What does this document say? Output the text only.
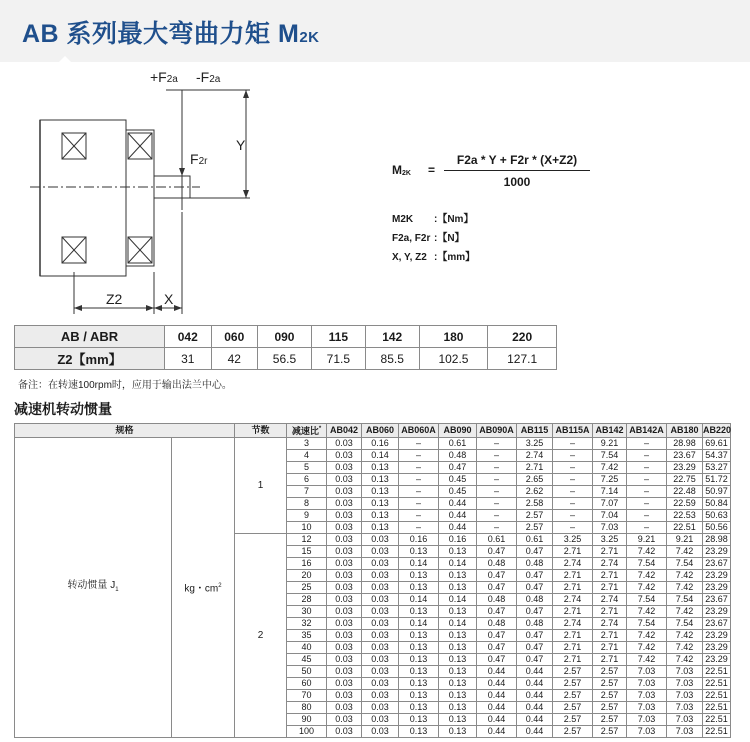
AB 系列最大弯曲力矩 M2K
+F2a -F2a
F2r
Y
Z2	X
$M_{2K}$ =
F2a * Y + F2r * (X+Z2)
1000
M2K :【Nm】
F2a, F2r :【N】
X, Y, Z2 :【mm】
AB / ABR	042	060	090	115	142	180	220
Z2【mm】	31	42	56.5	71.5	85.5	102.5	127.1
备注：在转速100rpm时，应用于输出法兰中心。
减速机转动惯量
规格		节数	减速比*	AB042	AB060	AB060A	AB090	AB090A	AB115	AB115A	AB142	AB142A	AB180	AB220
转动惯量 $J_1$	kg・$cm^2$	1	3	0.03	0.16	–	0.61	–	3.25	–	9.21	–	28.98	69.61
			4	0.03	0.14	–	0.48	–	2.74	–	7.54	–	23.67	54.37
			5	0.03	0.13	–	0.47	–	2.71	–	7.42	–	23.29	53.27
			6	0.03	0.13	–	0.45	–	2.65	–	7.25	–	22.75	51.72
			7	0.03	0.13	–	0.45	–	2.62	–	7.14	–	22.48	50.97
			8	0.03	0.13	–	0.44	–	2.58	–	7.07	–	22.59	50.84
			9	0.03	0.13	–	0.44	–	2.57	–	7.04	–	22.53	50.63
			10	0.03	0.13	–	0.44	–	2.57	–	7.03	–	22.51	50.56
		2	12	0.03	0.03	0.16	0.16	0.61	0.61	3.25	3.25	9.21	9.21	28.98
			15	0.03	0.03	0.13	0.13	0.47	0.47	2.71	2.71	7.42	7.42	23.29
			16	0.03	0.03	0.14	0.14	0.48	0.48	2.74	2.74	7.54	7.54	23.67
			20	0.03	0.03	0.13	0.13	0.47	0.47	2.71	2.71	7.42	7.42	23.29
			25	0.03	0.03	0.13	0.13	0.47	0.47	2.71	2.71	7.42	7.42	23.29
			28	0.03	0.03	0.14	0.14	0.48	0.48	2.74	2.74	7.54	7.54	23.67
			30	0.03	0.03	0.13	0.13	0.47	0.47	2.71	2.71	7.42	7.42	23.29
			32	0.03	0.03	0.14	0.14	0.48	0.48	2.74	2.74	7.54	7.54	23.67
			35	0.03	0.03	0.13	0.13	0.47	0.47	2.71	2.71	7.42	7.42	23.29
			40	0.03	0.03	0.13	0.13	0.47	0.47	2.71	2.71	7.42	7.42	23.29
			45	0.03	0.03	0.13	0.13	0.47	0.47	2.71	2.71	7.42	7.42	23.29
			50	0.03	0.03	0.13	0.13	0.44	0.44	2.57	2.57	7.03	7.03	22.51
			60	0.03	0.03	0.13	0.13	0.44	0.44	2.57	2.57	7.03	7.03	22.51
			70	0.03	0.03	0.13	0.13	0.44	0.44	2.57	2.57	7.03	7.03	22.51
			80	0.03	0.03	0.13	0.13	0.44	0.44	2.57	2.57	7.03	7.03	22.51
			90	0.03	0.03	0.13	0.13	0.44	0.44	2.57	2.57	7.03	7.03	22.51
			100	0.03	0.03	0.13	0.13	0.44	0.44	2.57	2.57	7.03	7.03	22.51
